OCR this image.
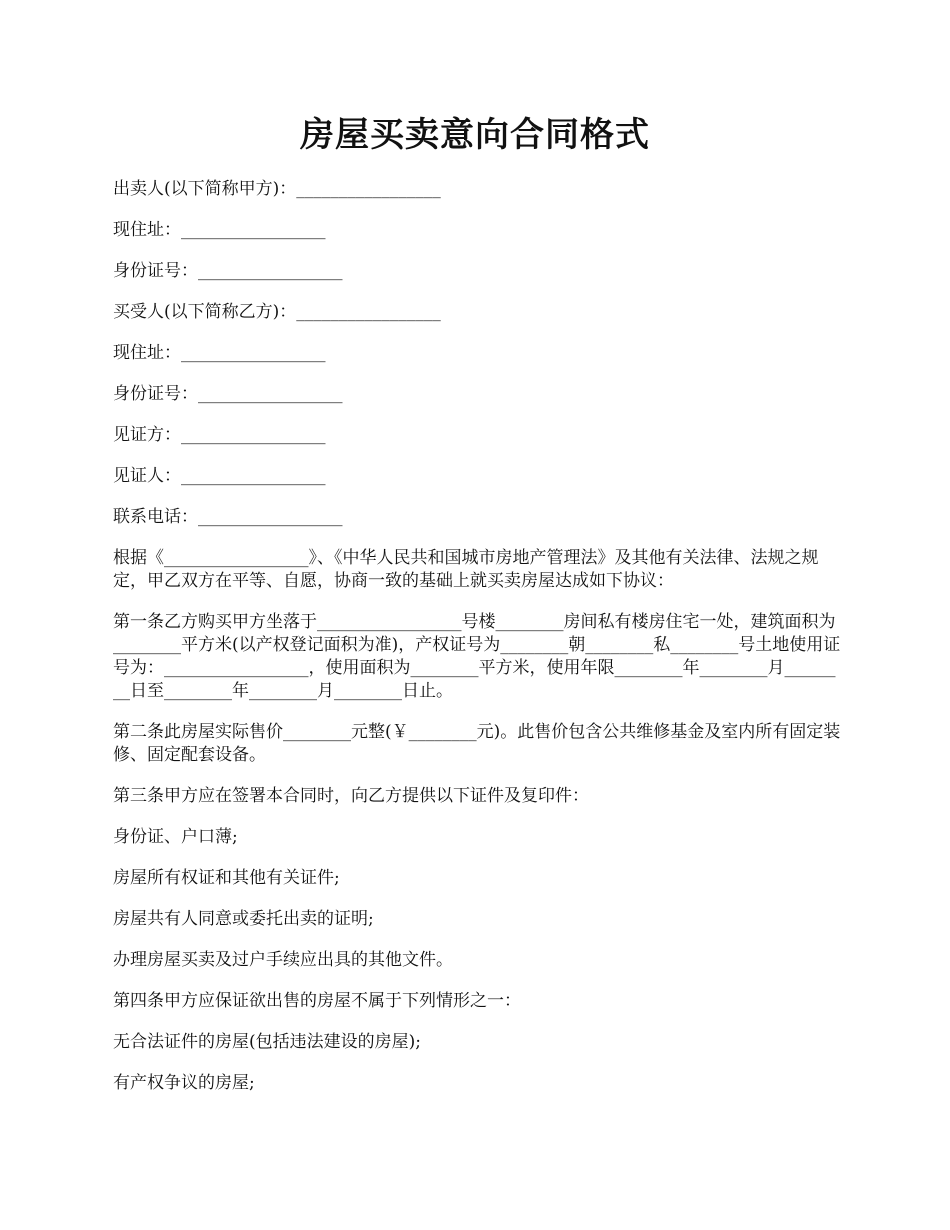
房屋买卖意向合同格式

出卖人(以下简称甲方)：_________________

现住址：_________________

身份证号：_________________

买受人(以下简称乙方)：_________________

现住址：_________________

身份证号：_________________

见证方：_________________

见证人：_________________

联系电话：_________________

根据《_________________》、《中华人民共和国城市房地产管理法》及其他有关法律、法规之规定，甲乙双方在平等、自愿，协商一致的基础上就买卖房屋达成如下协议：

第一条乙方购买甲方坐落于_________________号楼________房间私有楼房住宅一处，建筑面积为________平方米(以产权登记面积为准)，产权证号为________朝________私________号土地使用证号为：_________________，使用面积为________平方米，使用年限________年________月________日至________年________月________日止。

第二条此房屋实际售价________元整(￥________元)。此售价包含公共维修基金及室内所有固定装修、固定配套设备。

第三条甲方应在签署本合同时，向乙方提供以下证件及复印件：

身份证、户口薄;

房屋所有权证和其他有关证件;

房屋共有人同意或委托出卖的证明;

办理房屋买卖及过户手续应出具的其他文件。

第四条甲方应保证欲出售的房屋不属于下列情形之一：

无合法证件的房屋(包括违法建设的房屋);

有产权争议的房屋;
